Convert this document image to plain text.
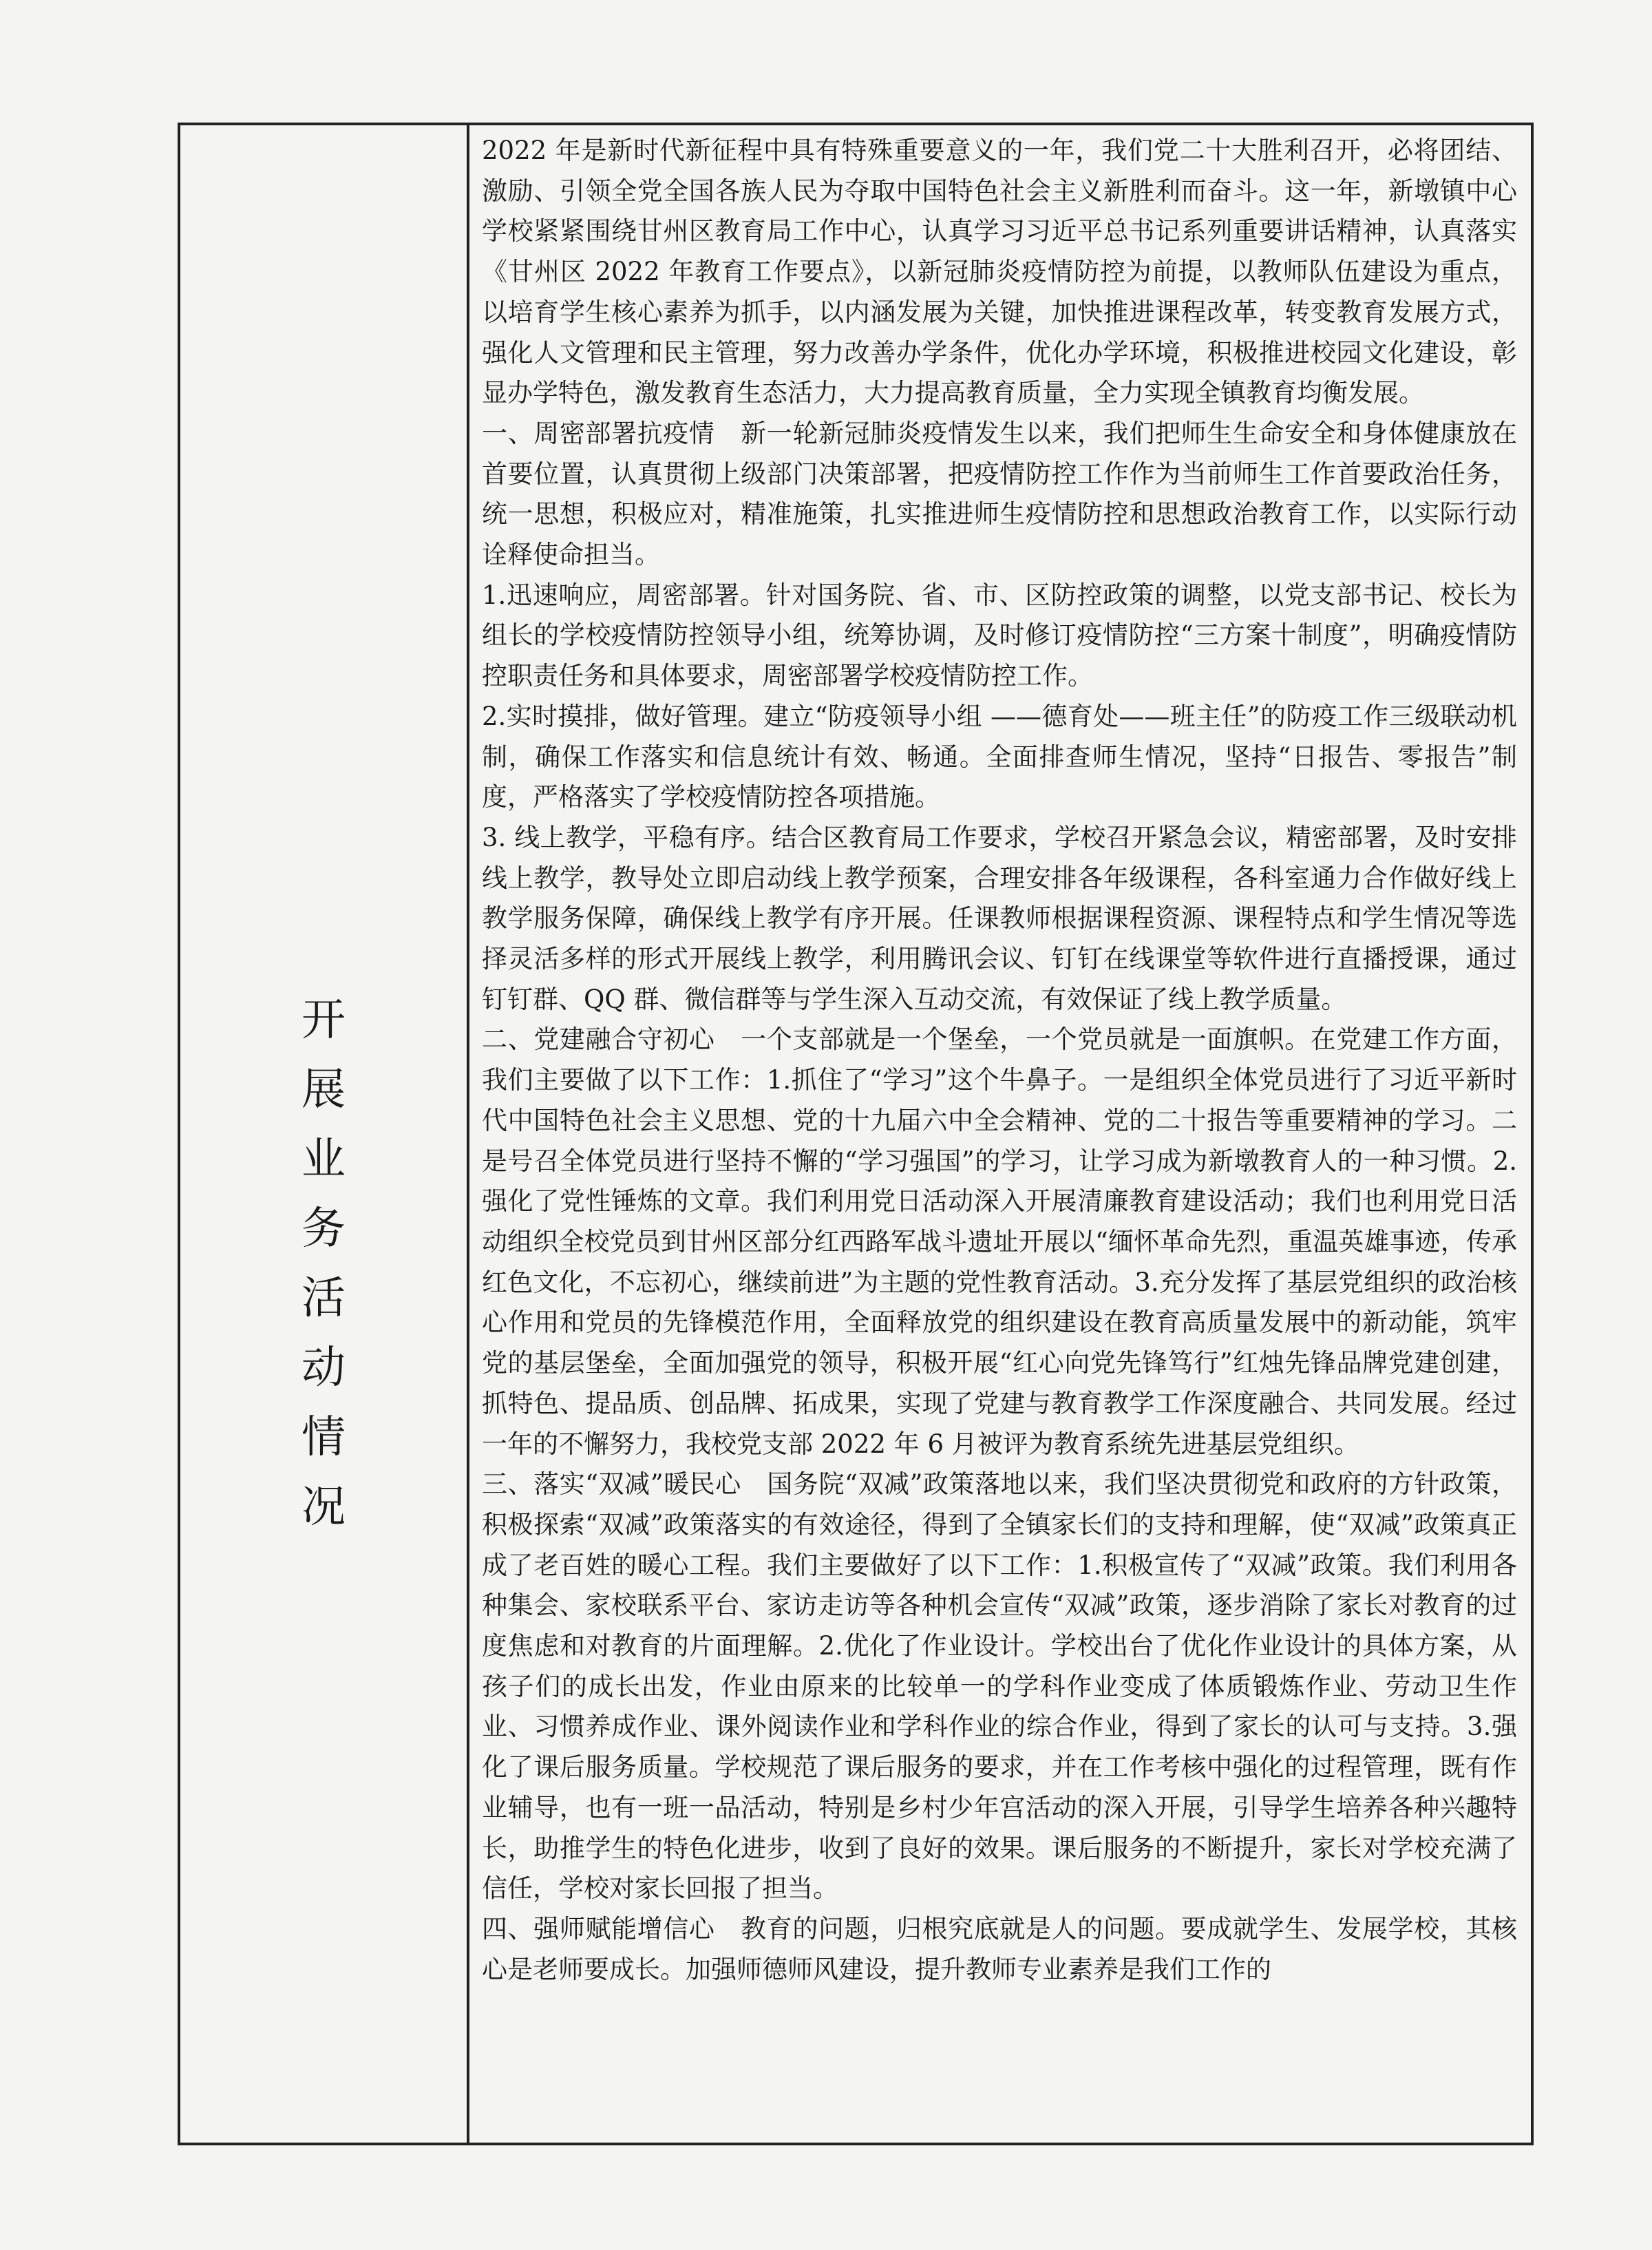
开
展
业
务
活
动
情
况

2022 年是新时代新征程中具有特殊重要意义的一年，我们党二十大胜利召开，必将团结、激励、引领全党全国各族人民为夺取中国特色社会主义新胜利而奋斗。这一年，新墩镇中心学校紧紧围绕甘州区教育局工作中心，认真学习习近平总书记系列重要讲话精神，认真落实《甘州区 2022 年教育工作要点》，以新冠肺炎疫情防控为前提，以教师队伍建设为重点，以培育学生核心素养为抓手，以内涵发展为关键，加快推进课程改革，转变教育发展方式，强化人文管理和民主管理，努力改善办学条件，优化办学环境，积极推进校园文化建设，彰显办学特色，激发教育生态活力，大力提高教育质量，全力实现全镇教育均衡发展。

一、周密部署抗疫情　新一轮新冠肺炎疫情发生以来，我们把师生生命安全和身体健康放在首要位置，认真贯彻上级部门决策部署，把疫情防控工作作为当前师生工作首要政治任务，统一思想，积极应对，精准施策，扎实推进师生疫情防控和思想政治教育工作，以实际行动诠释使命担当。

1.迅速响应，周密部署。针对国务院、省、市、区防控政策的调整，以党支部书记、校长为组长的学校疫情防控领导小组，统筹协调，及时修订疫情防控“三方案十制度”，明确疫情防控职责任务和具体要求，周密部署学校疫情防控工作。

2.实时摸排，做好管理。建立“防疫领导小组 ——德育处——班主任”的防疫工作三级联动机制，确保工作落实和信息统计有效、畅通。全面排查师生情况，坚持“日报告、零报告”制度，严格落实了学校疫情防控各项措施。

3. 线上教学，平稳有序。结合区教育局工作要求，学校召开紧急会议，精密部署，及时安排线上教学，教导处立即启动线上教学预案，合理安排各年级课程，各科室通力合作做好线上教学服务保障，确保线上教学有序开展。任课教师根据课程资源、课程特点和学生情况等选择灵活多样的形式开展线上教学，利用腾讯会议、钉钉在线课堂等软件进行直播授课，通过钉钉群、QQ 群、微信群等与学生深入互动交流，有效保证了线上教学质量。

二、党建融合守初心　一个支部就是一个堡垒，一个党员就是一面旗帜。在党建工作方面，我们主要做了以下工作：1.抓住了“学习”这个牛鼻子。一是组织全体党员进行了习近平新时代中国特色社会主义思想、党的十九届六中全会精神、党的二十报告等重要精神的学习。二是号召全体党员进行坚持不懈的“学习强国”的学习，让学习成为新墩教育人的一种习惯。2.强化了党性锤炼的文章。我们利用党日活动深入开展清廉教育建设活动；我们也利用党日活动组织全校党员到甘州区部分红西路军战斗遗址开展以“缅怀革命先烈，重温英雄事迹，传承红色文化，不忘初心，继续前进”为主题的党性教育活动。3.充分发挥了基层党组织的政治核心作用和党员的先锋模范作用，全面释放党的组织建设在教育高质量发展中的新动能，筑牢党的基层堡垒，全面加强党的领导，积极开展“红心向党先锋笃行”红烛先锋品牌党建创建，抓特色、提品质、创品牌、拓成果，实现了党建与教育教学工作深度融合、共同发展。经过一年的不懈努力，我校党支部 2022 年 6 月被评为教育系统先进基层党组织。

三、落实“双减”暖民心　国务院“双减”政策落地以来，我们坚决贯彻党和政府的方针政策，积极探索“双减”政策落实的有效途径，得到了全镇家长们的支持和理解，使“双减”政策真正成了老百姓的暖心工程。我们主要做好了以下工作：1.积极宣传了“双减”政策。我们利用各种集会、家校联系平台、家访走访等各种机会宣传“双减”政策，逐步消除了家长对教育的过度焦虑和对教育的片面理解。2.优化了作业设计。学校出台了优化作业设计的具体方案，从孩子们的成长出发，作业由原来的比较单一的学科作业变成了体质锻炼作业、劳动卫生作业、习惯养成作业、课外阅读作业和学科作业的综合作业，得到了家长的认可与支持。3.强化了课后服务质量。学校规范了课后服务的要求，并在工作考核中强化的过程管理，既有作业辅导，也有一班一品活动，特别是乡村少年宫活动的深入开展，引导学生培养各种兴趣特长，助推学生的特色化进步，收到了良好的效果。课后服务的不断提升，家长对学校充满了信任，学校对家长回报了担当。

四、强师赋能增信心　教育的问题，归根究底就是人的问题。要成就学生、发展学校，其核心是老师要成长。加强师德师风建设，提升教师专业素养是我们工作的
